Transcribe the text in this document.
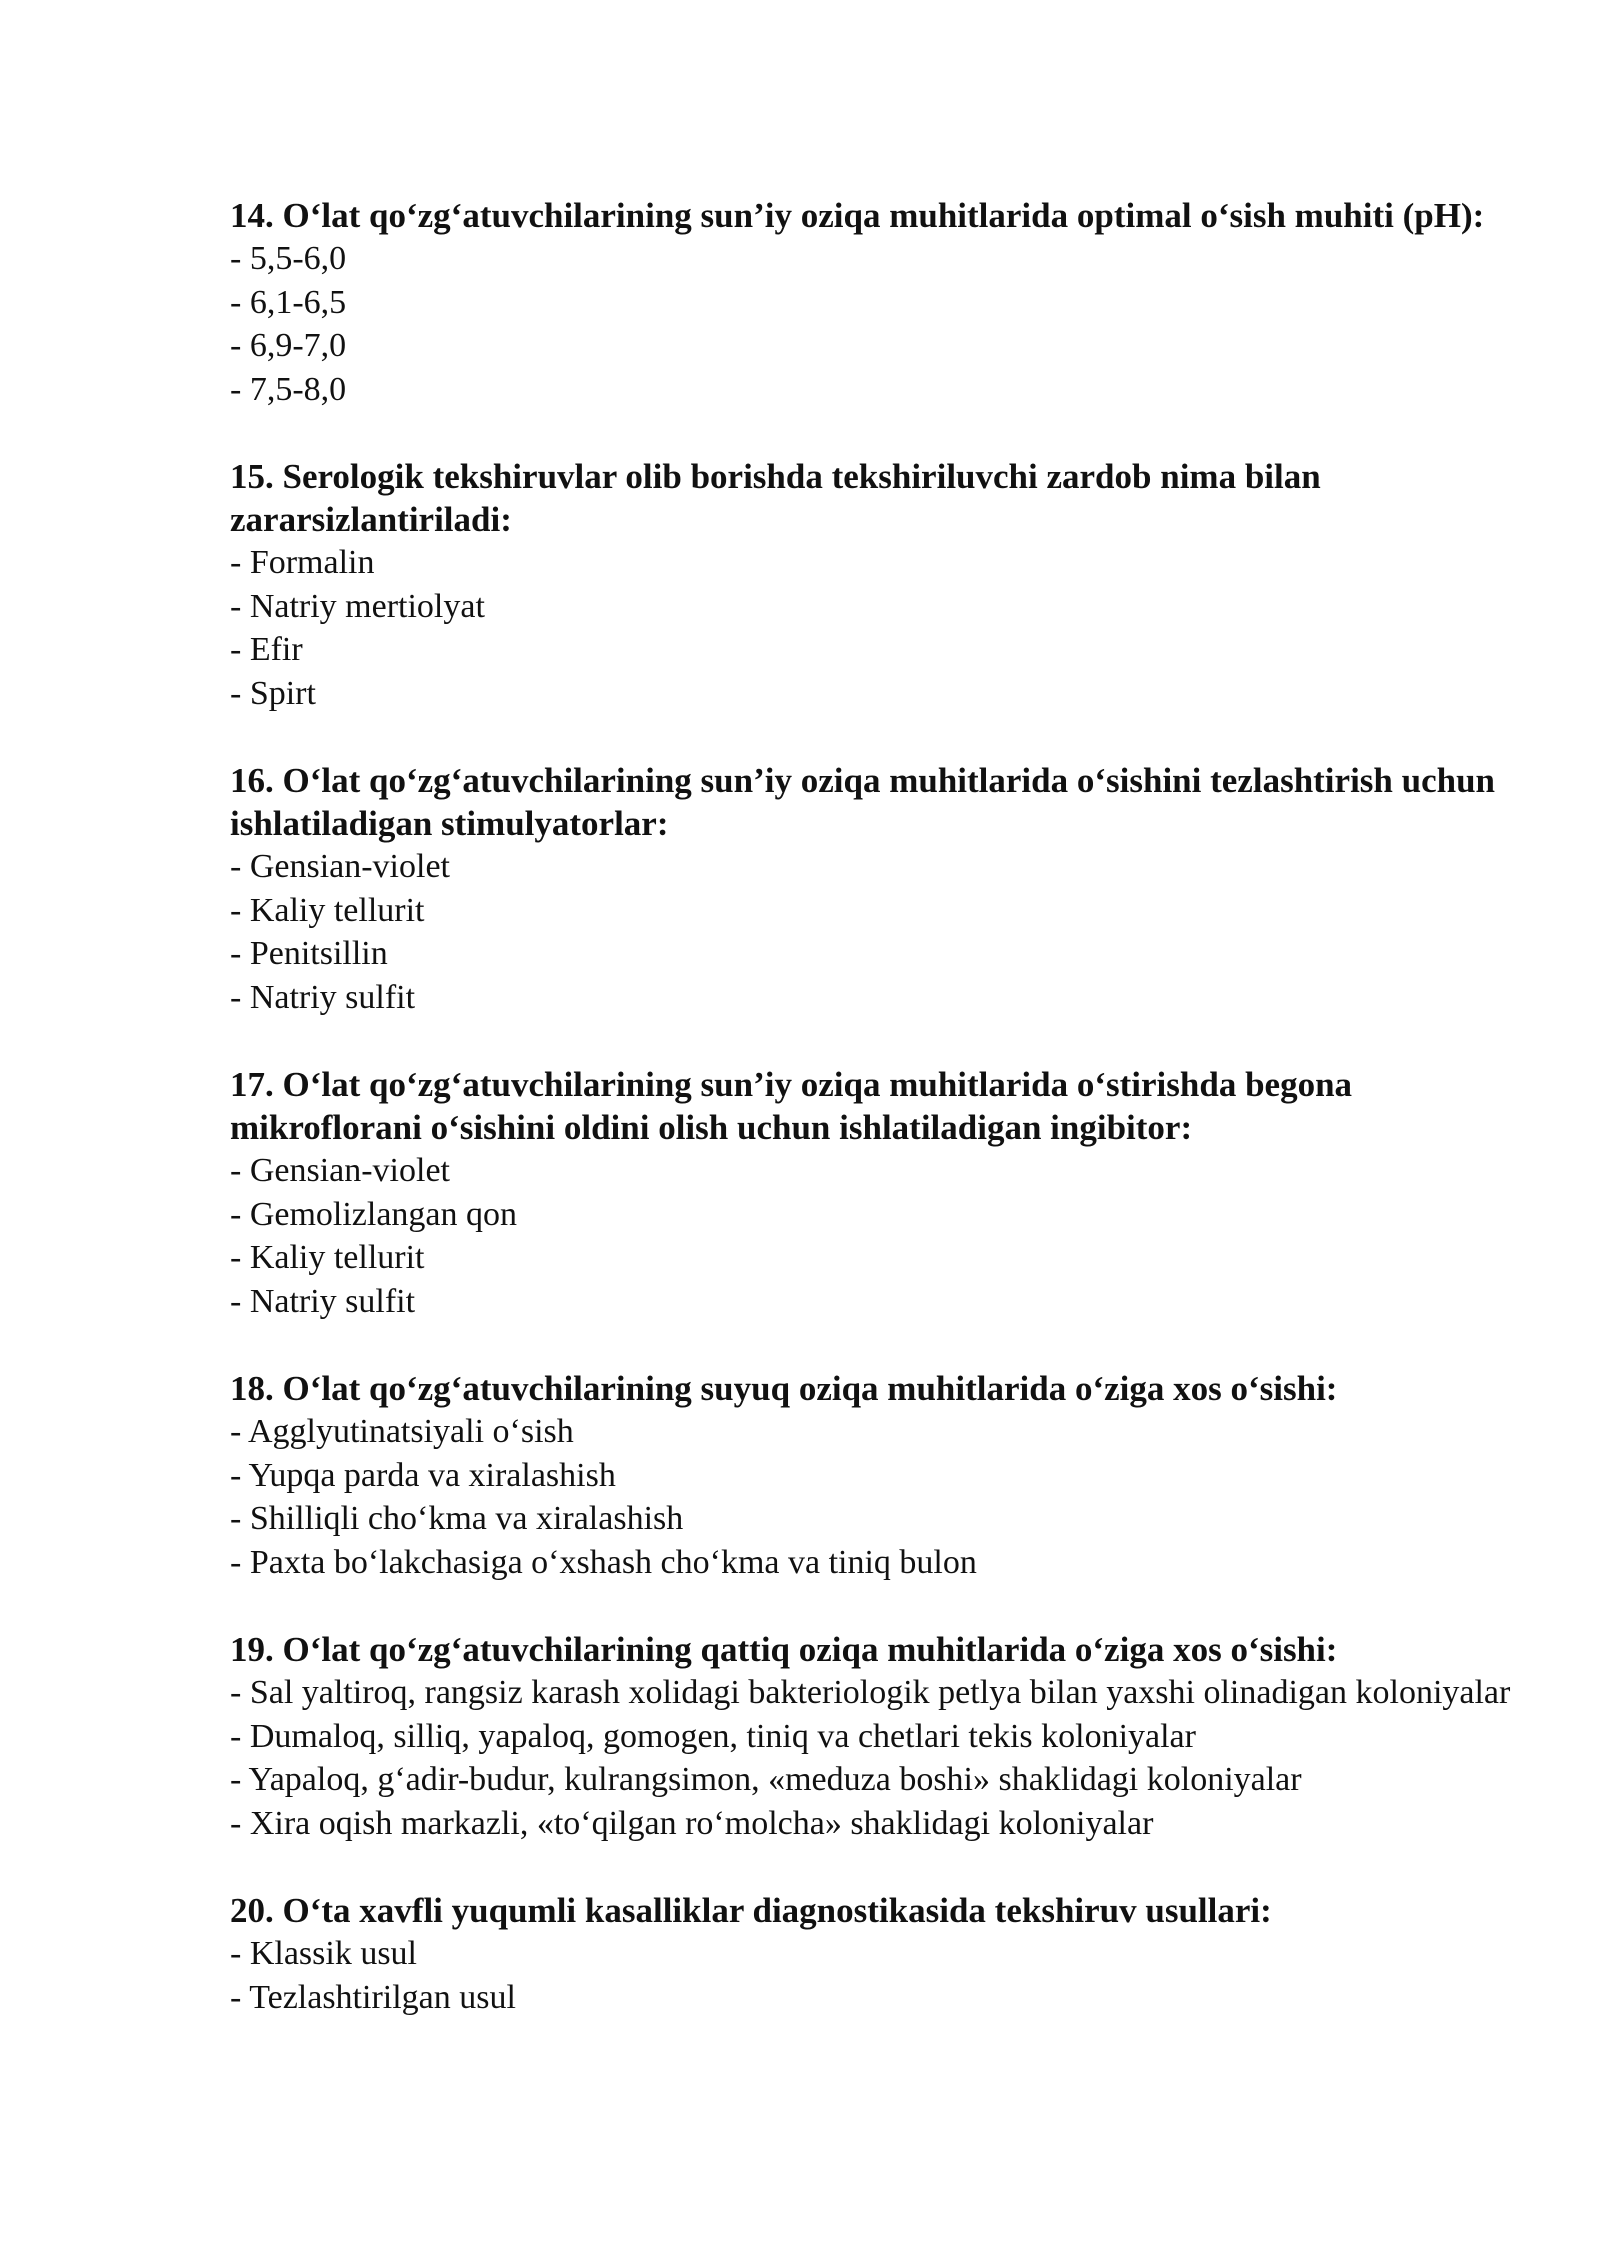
14. O‘lat qo‘zg‘atuvchilarining sun’iy oziqa muhitlarida optimal o‘sish muhiti (pH):

- 5,5-6,0
- 6,1-6,5
- 6,9-7,0
- 7,5-8,0

15. Serologik tekshiruvlar olib borishda tekshiriluvchi zardob nima bilan zararsizlantiriladi:

- Formalin
- Natriy mertiolyat
- Efir
- Spirt

16. O‘lat qo‘zg‘atuvchilarining sun’iy oziqa muhitlarida o‘sishini tezlashtirish uchun ishlatiladigan stimulyatorlar:

- Gensian-violet
- Kaliy tellurit
- Penitsillin
- Natriy sulfit

17. O‘lat qo‘zg‘atuvchilarining sun’iy oziqa muhitlarida o‘stirishda begona mikroflorani o‘sishini oldini olish uchun ishlatiladigan ingibitor:

- Gensian-violet
- Gemolizlangan qon
- Kaliy tellurit
- Natriy sulfit

18. O‘lat qo‘zg‘atuvchilarining suyuq oziqa muhitlarida o‘ziga xos o‘sishi:

- Agglyutinatsiyali o‘sish
- Yupqa parda va xiralashish
- Shilliqli cho‘kma va xiralashish
- Paxta bo‘lakchasiga o‘xshash cho‘kma va tiniq bulon

19. O‘lat qo‘zg‘atuvchilarining qattiq oziqa muhitlarida o‘ziga xos o‘sishi:

- Sal yaltiroq, rangsiz karash xolidagi bakteriologik petlya bilan yaxshi olinadigan koloniyalar
- Dumaloq, silliq, yapaloq, gomogen, tiniq va chetlari tekis koloniyalar
- Yapaloq, g‘adir-budur, kulrangsimon, «meduza boshi» shaklidagi koloniyalar
- Xira oqish markazli, «to‘qilgan ro‘molcha» shaklidagi koloniyalar

20. O‘ta xavfli yuqumli kasalliklar diagnostikasida tekshiruv usullari:

- Klassik usul
- Tezlashtirilgan usul
